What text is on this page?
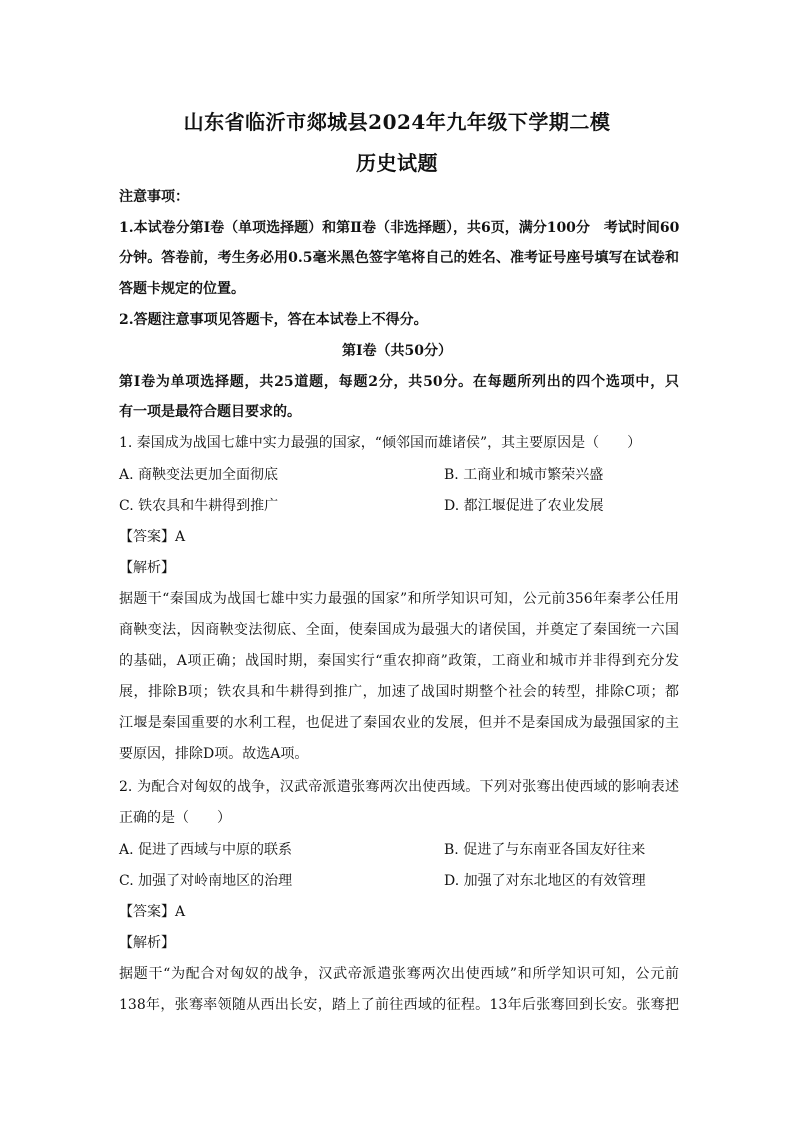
山东省临沂市郯城县2024年九年级下学期二模
历史试题
注意事项：
1.本试卷分第Ⅰ卷（单项选择题）和第Ⅱ卷（非选择题），共6页，满分100分　考试时间60
分钟。答卷前，考生务必用0.5毫米黑色签字笔将自己的姓名、准考证号座号填写在试卷和
答题卡规定的位置。
2.答题注意事项见答题卡，答在本试卷上不得分。
第Ⅰ卷（共50分）
第Ⅰ卷为单项选择题，共25道题，每题2分，共50分。在每题所列出的四个选项中，只
有一项是最符合题目要求的。
1. 秦国成为战国七雄中实力最强的国家，“倾邻国而雄诸侯”，其主要原因是（　　）
A. 商鞅变法更加全面彻底	B. 工商业和城市繁荣兴盛
C. 铁农具和牛耕得到推广	D. 都江堰促进了农业发展
【答案】A
【解析】
据题干“秦国成为战国七雄中实力最强的国家”和所学知识可知，公元前356年秦孝公任用
商鞅变法，因商鞅变法彻底、全面，使秦国成为最强大的诸侯国，并奠定了秦国统一六国
的基础，A项正确；战国时期，秦国实行“重农抑商”政策，工商业和城市并非得到充分发
展，排除B项；铁农具和牛耕得到推广，加速了战国时期整个社会的转型，排除C项；都
江堰是秦国重要的水利工程，也促进了秦国农业的发展，但并不是秦国成为最强国家的主
要原因，排除D项。故选A项。
2. 为配合对匈奴的战争，汉武帝派遣张骞两次出使西域。下列对张骞出使西域的影响表述
正确的是（　　）
A. 促进了西域与中原的联系	B. 促进了与东南亚各国友好往来
C. 加强了对岭南地区的治理	D. 加强了对东北地区的有效管理
【答案】A
【解析】
据题干“为配合对匈奴的战争，汉武帝派遣张骞两次出使西域”和所学知识可知，公元前
138年，张骞率领随从西出长安，踏上了前往西域的征程。13年后张骞回到长安。张骞把
